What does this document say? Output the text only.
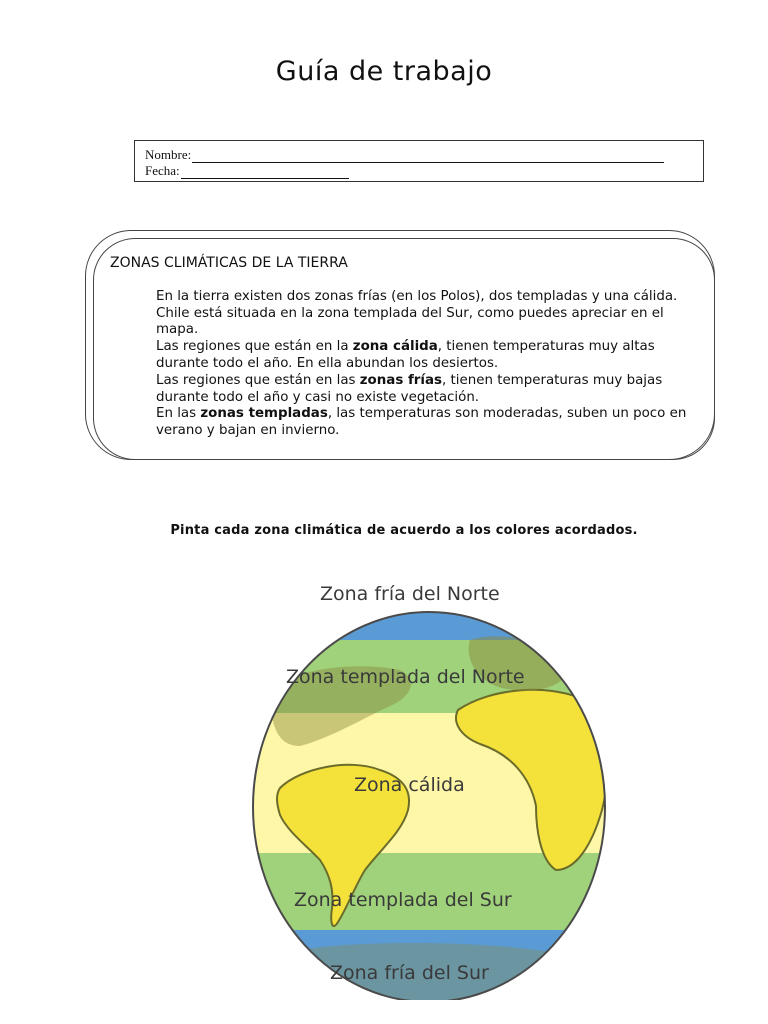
Guía de trabajo
Nombre:
Fecha:
ZONAS CLIMÁTICAS DE LA TIERRA

En la tierra existen dos zonas frías (en los Polos), dos templadas y una cálida. Chile está situada en la zona templada del Sur, como puedes apreciar en el mapa.

Las regiones que están en la zona cálida, tienen temperaturas muy altas durante todo el año. En ella abundan los desiertos.

Las regiones que están en las zonas frías, tienen temperaturas muy bajas durante todo el año y casi no existe vegetación.

En las zonas templadas, las temperaturas son moderadas, suben un poco en verano y bajan en invierno.

Pinta cada zona climática de acuerdo a los colores acordados.
Zona fría del Norte
Zona templada del Norte
Zona cálida
Zona templada del Sur
Zona fría del Sur
